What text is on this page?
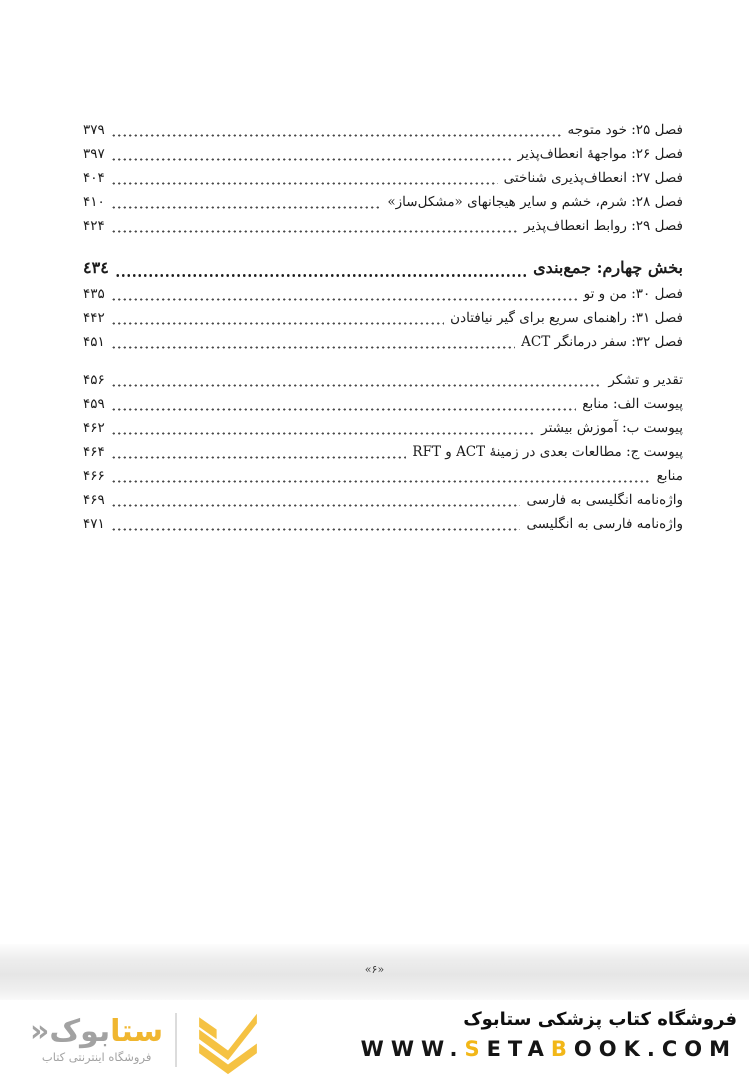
فصل ۲۵: خود متوجه
۳۷۹
فصل ۲۶: مواجهۀ انعطاف‌پذیر
۳۹۷
فصل ۲۷: انعطاف‌پذیری شناختی
۴۰۴
فصل ۲۸: شرم، خشم و سایر هیجانهای «مشکل‌ساز»
۴۱۰
فصل ۲۹: روابط انعطاف‌پذیر
۴۲۴
بخش چهارم: جمع‌بندی
٤٣٤
فصل ۳۰: من و تو
۴۳۵
فصل ۳۱: راهنمای سریع برای گیر نیافتادن
۴۴۲
فصل ۳۲: سفر درمانگر ACT
۴۵۱
تقدیر و تشکر
۴۵۶
پیوست الف: منابع
۴۵۹
پیوست ب: آموزش بیشتر
۴۶۲
پیوست ج: مطالعات بعدی در زمینهٔ ACT و RFT
۴۶۴
منابع
۴۶۶
واژه‌نامه انگلیسی به فارسی
۴۶۹
واژه‌نامه فارسی به انگلیسی
۴۷۱
«۶»
ستابوک«
فروشگاه اینترنتی کتاب
فروشگاه کتاب پزشکی ستابوک
WWW.SETABOOK.COM
